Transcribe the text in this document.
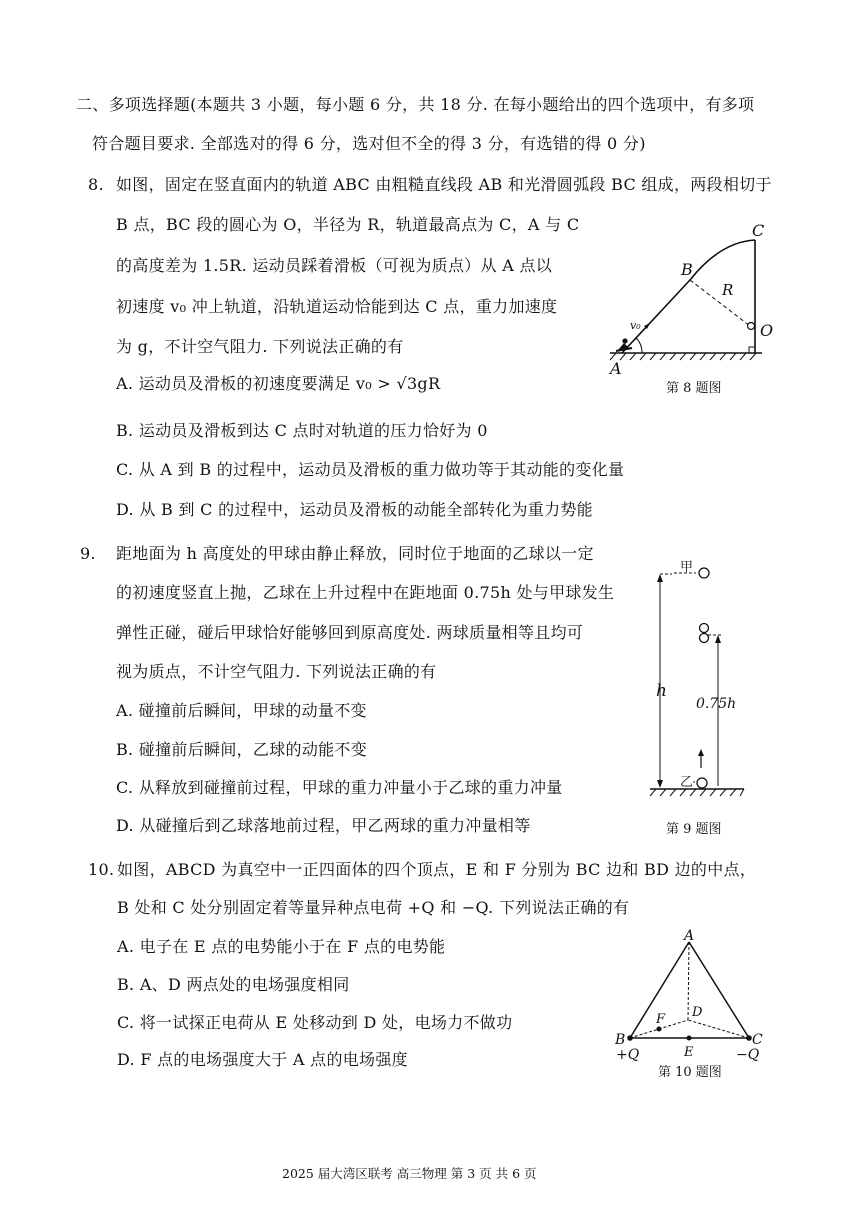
二、多项选择题(本题共 3 小题，每小题 6 分，共 18 分. 在每小题给出的四个选项中，有多项
符合题目要求. 全部选对的得 6 分，选对但不全的得 3 分，有选错的得 0 分)
8. 如图，固定在竖直面内的轨道 ABC 由粗糙直线段 AB 和光滑圆弧段 BC 组成，两段相切于
B 点，BC 段的圆心为 O，半径为 R，轨道最高点为 C，A 与 C
的高度差为 1.5R. 运动员踩着滑板（可视为质点）从 A 点以
初速度 v₀ 冲上轨道，沿轨道运动恰能到达 C 点，重力加速度
为 g，不计空气阻力. 下列说法正确的有
A. 运动员及滑板的初速度要满足 v₀ > √3gR
B. 运动员及滑板到达 C 点时对轨道的压力恰好为 0
C. 从 A 到 B 的过程中，运动员及滑板的重力做功等于其动能的变化量
D. 从 B 到 C 的过程中，运动员及滑板的动能全部转化为重力势能
v₀
A
B
C
O
R
第 8 题图
9. 距地面为 h 高度处的甲球由静止释放，同时位于地面的乙球以一定
的初速度竖直上抛，乙球在上升过程中在距地面 0.75h 处与甲球发生
弹性正碰，碰后甲球恰好能够回到原高度处. 两球质量相等且均可
视为质点，不计空气阻力. 下列说法正确的有
A. 碰撞前后瞬间，甲球的动量不变
B. 碰撞前后瞬间，乙球的动能不变
C. 从释放到碰撞前过程，甲球的重力冲量小于乙球的重力冲量
D. 从碰撞后到乙球落地前过程，甲乙两球的重力冲量相等
h
甲
0.75h
乙
第 9 题图
10. 如图，ABCD 为真空中一正四面体的四个顶点，E 和 F 分别为 BC 边和 BD 边的中点，
B 处和 C 处分别固定着等量异种点电荷 +Q 和 −Q. 下列说法正确的有
A. 电子在 E 点的电势能小于在 F 点的电势能
B. A、D 两点处的电场强度相同
C. 将一试探正电荷从 E 处移动到 D 处，电场力不做功
D. F 点的电场强度大于 A 点的电场强度
A
D
F
B	C
E
+Q	−Q
第 10 题图
2025 届大湾区联考 高三物理 第 3 页 共 6 页
